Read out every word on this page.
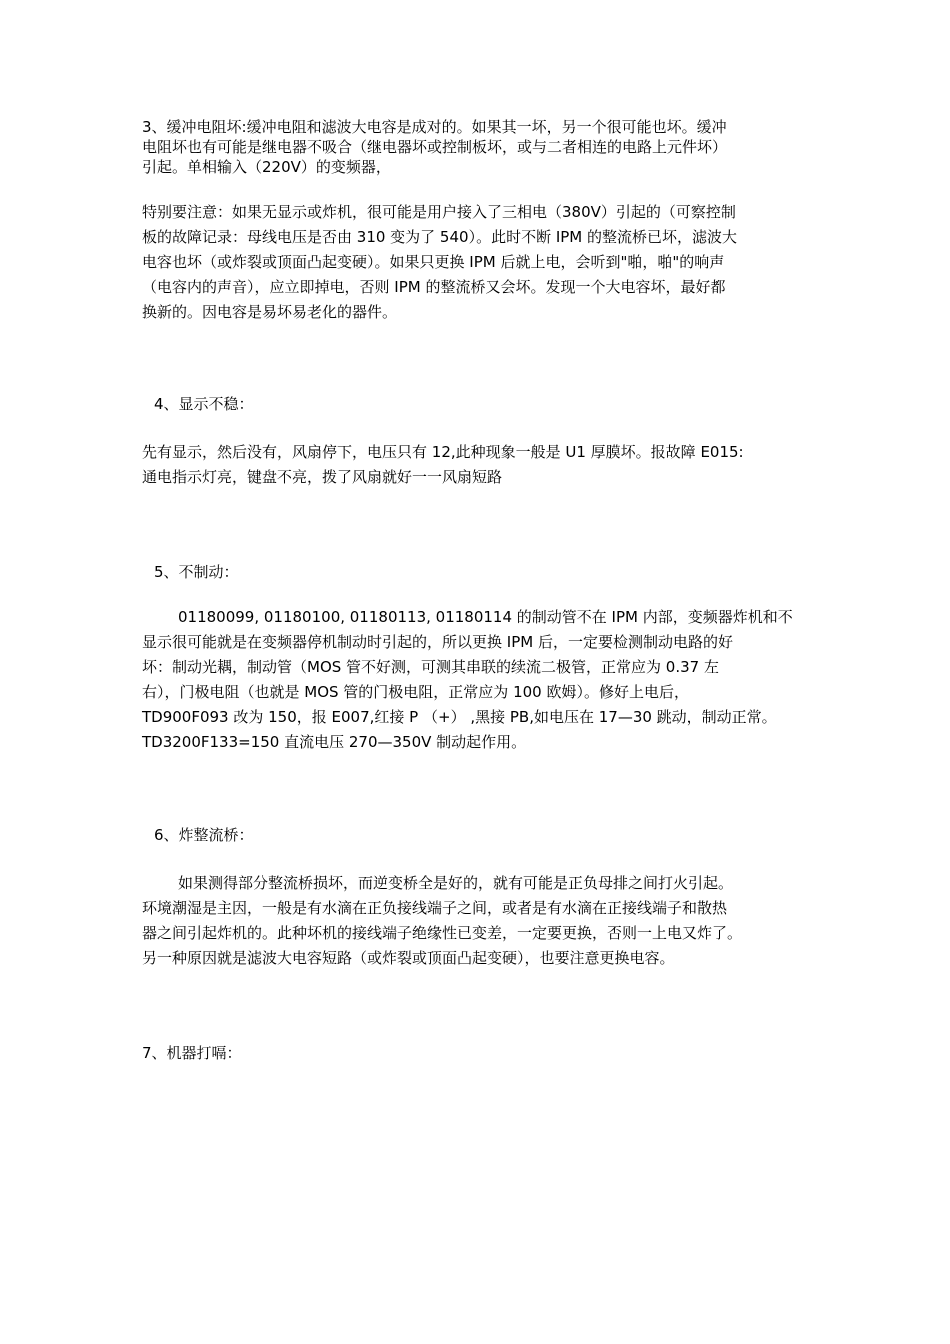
3、缓冲电阻坏:缓冲电阻和滤波大电容是成对的。如果其一坏，另一个很可能也坏。缓冲
电阻坏也有可能是继电器不吸合（继电器坏或控制板坏，或与二者相连的电路上元件坏）
引起。单相输入（220V）的变频器，
特别要注意：如果无显示或炸机，很可能是用户接入了三相电（380V）引起的（可察控制
板的故障记录：母线电压是否由 310 变为了 540）。此时不断 IPM 的整流桥已坏，滤波大
电容也坏（或炸裂或顶面凸起变硬）。如果只更换 IPM 后就上电，会听到"啪，啪"的响声
（电容内的声音），应立即掉电，否则 IPM 的整流桥又会坏。发现一个大电容坏，最好都
换新的。因电容是易坏易老化的器件。
4、显示不稳：
先有显示，然后没有，风扇停下，电压只有 12,此种现象一般是 U1 厚膜坏。报故障 E015:
通电指示灯亮，键盘不亮，拨了风扇就好一一风扇短路
5、不制动：
01180099, 01180100, 01180113, 01180114 的制动管不在 IPM 内部，变频器炸机和不
显示很可能就是在变频器停机制动时引起的，所以更换 IPM 后，一定要检测制动电路的好
坏：制动光耦，制动管（MOS 管不好测，可测其串联的续流二极管，正常应为 0.37 左
右），门极电阻（也就是 MOS 管的门极电阻，正常应为 100 欧姆）。修好上电后，
TD900F093 改为 150，报 E007,红接 P （+） ,黑接 PB,如电压在 17—30 跳动，制动正常。
TD3200F133=150 直流电压 270—350V 制动起作用。
6、炸整流桥：
如果测得部分整流桥损坏，而逆变桥全是好的，就有可能是正负母排之间打火引起。
环境潮湿是主因，一般是有水滴在正负接线端子之间，或者是有水滴在正接线端子和散热
器之间引起炸机的。此种坏机的接线端子绝缘性已变差，一定要更换，否则一上电又炸了。
另一种原因就是滤波大电容短路（或炸裂或顶面凸起变硬），也要注意更换电容。
7、机器打嗝：
